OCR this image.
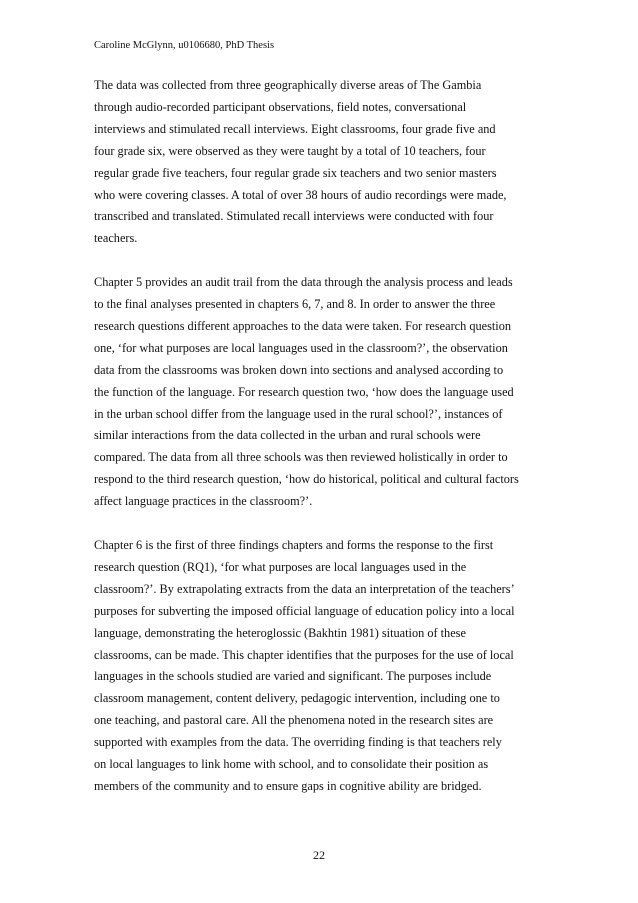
Caroline McGlynn, u0106680, PhD Thesis
The data was collected from three geographically diverse areas of The Gambia
through audio-recorded participant observations, field notes, conversational
interviews and stimulated recall interviews. Eight classrooms, four grade five and
four grade six, were observed as they were taught by a total of 10 teachers, four
regular grade five teachers, four regular grade six teachers and two senior masters
who were covering classes. A total of over 38 hours of audio recordings were made,
transcribed and translated. Stimulated recall interviews were conducted with four
teachers.
Chapter 5 provides an audit trail from the data through the analysis process and leads
to the final analyses presented in chapters 6, 7, and 8. In order to answer the three
research questions different approaches to the data were taken. For research question
one, ‘for what purposes are local languages used in the classroom?’, the observation
data from the classrooms was broken down into sections and analysed according to
the function of the language. For research question two, ‘how does the language used
in the urban school differ from the language used in the rural school?’, instances of
similar interactions from the data collected in the urban and rural schools were
compared. The data from all three schools was then reviewed holistically in order to
respond to the third research question, ‘how do historical, political and cultural factors
affect language practices in the classroom?’.
Chapter 6 is the first of three findings chapters and forms the response to the first
research question (RQ1), ‘for what purposes are local languages used in the
classroom?’. By extrapolating extracts from the data an interpretation of the teachers’
purposes for subverting the imposed official language of education policy into a local
language, demonstrating the heteroglossic (Bakhtin 1981) situation of these
classrooms, can be made. This chapter identifies that the purposes for the use of local
languages in the schools studied are varied and significant. The purposes include
classroom management, content delivery, pedagogic intervention, including one to
one teaching, and pastoral care. All the phenomena noted in the research sites are
supported with examples from the data. The overriding finding is that teachers rely
on local languages to link home with school, and to consolidate their position as
members of the community and to ensure gaps in cognitive ability are bridged.
22
